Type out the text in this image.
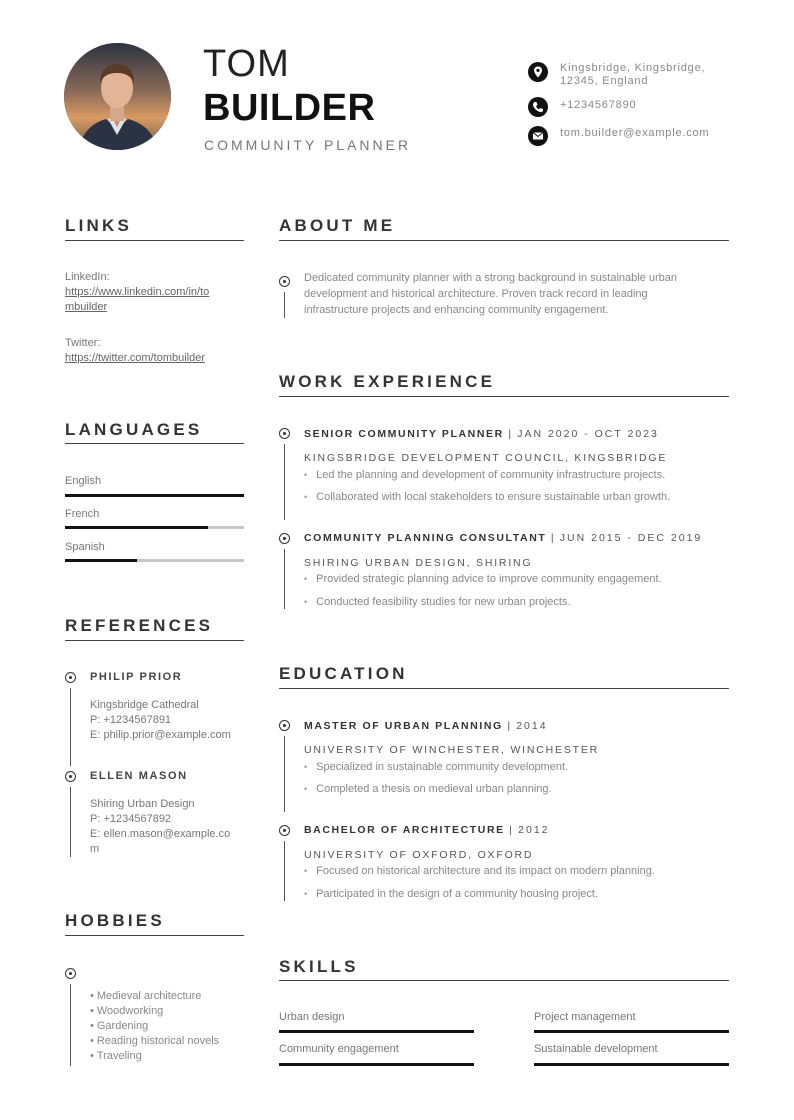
TOM
BUILDER
COMMUNITY PLANNER
Kingsbridge, Kingsbridge,
12345, England
+1234567890
tom.builder@example.com
LINKS
LinkedIn:
https://www.linkedin.com/in/to
mbuilder
Twitter:
https://twitter.com/tombuilder
LANGUAGES
English
French
Spanish
REFERENCES
PHILIP PRIOR
Kingsbridge Cathedral
P: +1234567891
E: philip.prior@example.com
ELLEN MASON
Shiring Urban Design
P: +1234567892
E: ellen.mason@example.co
m
HOBBIES
• Medieval architecture
• Woodworking
• Gardening
• Reading historical novels
• Traveling
ABOUT ME
Dedicated community planner with a strong background in sustainable urban development and historical architecture. Proven track record in leading infrastructure projects and enhancing community engagement.
WORK EXPERIENCE
SENIOR COMMUNITY PLANNER | JAN 2020 - OCT 2023
KINGSBRIDGE DEVELOPMENT COUNCIL, KINGSBRIDGE
• Led the planning and development of community infrastructure projects.
• Collaborated with local stakeholders to ensure sustainable urban growth.
COMMUNITY PLANNING CONSULTANT | JUN 2015 - DEC 2019
SHIRING URBAN DESIGN, SHIRING
• Provided strategic planning advice to improve community engagement.
• Conducted feasibility studies for new urban projects.
EDUCATION
MASTER OF URBAN PLANNING | 2014
UNIVERSITY OF WINCHESTER, WINCHESTER
• Specialized in sustainable community development.
• Completed a thesis on medieval urban planning.
BACHELOR OF ARCHITECTURE | 2012
UNIVERSITY OF OXFORD, OXFORD
• Focused on historical architecture and its impact on modern planning.
• Participated in the design of a community housing project.
SKILLS
Urban design	Project management
Community engagement	Sustainable development
